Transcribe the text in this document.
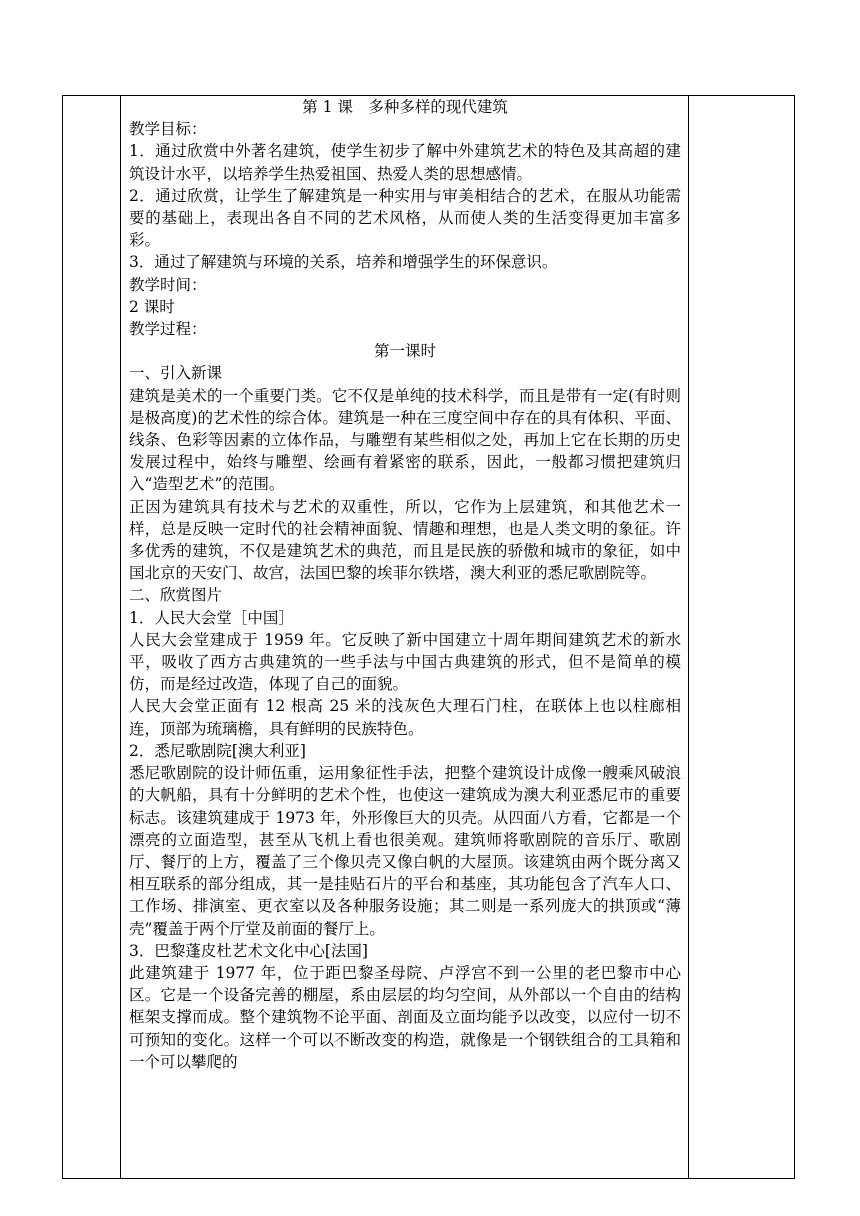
第 1 课　多种多样的现代建筑

教学目标：

1．通过欣赏中外著名建筑，使学生初步了解中外建筑艺术的特色及其高超的建筑设计水平，以培养学生热爱祖国、热爱人类的思想感情。

2．通过欣赏，让学生了解建筑是一种实用与审美相结合的艺术，在服从功能需要的基础上，表现出各自不同的艺术风格，从而使人类的生活变得更加丰富多彩。

3．通过了解建筑与环境的关系，培养和增强学生的环保意识。

教学时间：

2 课时

教学过程：

第一课时

一、引入新课

建筑是美术的一个重要门类。它不仅是单纯的技术科学，而且是带有一定(有时则是极高度)的艺术性的综合体。建筑是一种在三度空间中存在的具有体积、平面、线条、色彩等因素的立体作品，与雕塑有某些相似之处，再加上它在长期的历史发展过程中，始终与雕塑、绘画有着紧密的联系，因此，一般都习惯把建筑归入“造型艺术”的范围。

正因为建筑具有技术与艺术的双重性，所以，它作为上层建筑，和其他艺术一样，总是反映一定时代的社会精神面貌、情趣和理想，也是人类文明的象征。许多优秀的建筑，不仅是建筑艺术的典范，而且是民族的骄傲和城市的象征，如中国北京的天安门、故宫，法国巴黎的埃菲尔铁塔，澳大利亚的悉尼歌剧院等。

二、欣赏图片

1．人民大会堂［中国］

人民大会堂建成于 1959 年。它反映了新中国建立十周年期间建筑艺术的新水平，吸收了西方古典建筑的一些手法与中国古典建筑的形式，但不是简单的模仿，而是经过改造，体现了自己的面貌。

人民大会堂正面有 12 根高 25 米的浅灰色大理石门柱，在联体上也以柱廊相连，顶部为琉璃檐，具有鲜明的民族特色。

2．悉尼歌剧院[澳大利亚]

悉尼歌剧院的设计师伍重，运用象征性手法，把整个建筑设计成像一艘乘风破浪的大帆船，具有十分鲜明的艺术个性，也使这一建筑成为澳大利亚悉尼市的重要标志。该建筑建成于 1973 年，外形像巨大的贝壳。从四面八方看，它都是一个漂亮的立面造型，甚至从飞机上看也很美观。建筑师将歌剧院的音乐厅、歌剧厅、餐厅的上方，覆盖了三个像贝壳又像白帆的大屋顶。该建筑由两个既分离又相互联系的部分组成，其一是挂贴石片的平台和基座，其功能包含了汽车人口、工作场、排演室、更衣室以及各种服务设施；其二则是一系列庞大的拱顶或“薄壳”覆盖于两个厅堂及前面的餐厅上。

3．巴黎蓬皮杜艺术文化中心[法国]

此建筑建于 1977 年，位于距巴黎圣母院、卢浮宫不到一公里的老巴黎市中心区。它是一个设备完善的棚屋，系由层层的均匀空间，从外部以一个自由的结构框架支撑而成。整个建筑物不论平面、剖面及立面均能予以改变，以应付一切不可预知的变化。这样一个可以不断改变的构造，就像是一个钢铁组合的工具箱和一个可以攀爬的
